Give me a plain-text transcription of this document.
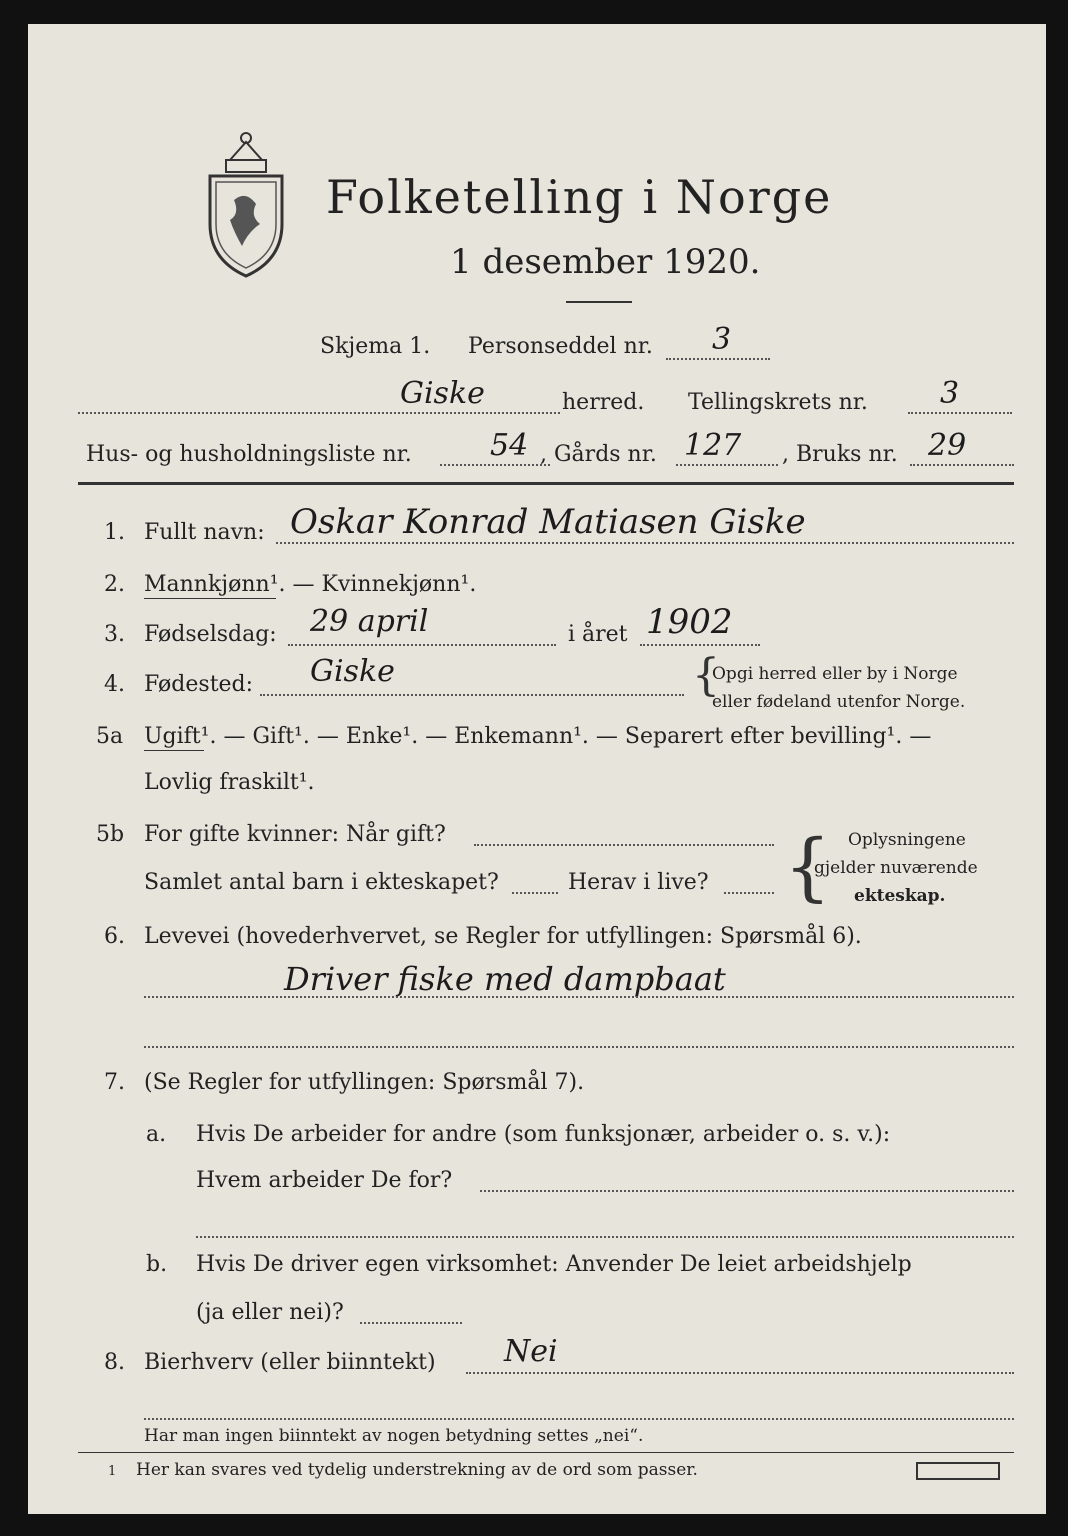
Folketelling i Norge
1 desember 1920.
Skjema 1. Personseddel nr. 3
Giske	herred. Tellingskrets nr. 3
Hus- og husholdningsliste nr.	54 , Gårds nr. 127 , Bruks nr. 29
1. Fullt navn: Oskar Konrad Matiasen Giske
2. Mannkjønn¹. — Kvinnekjønn¹.
3. Fødselsdag: 29 april	i året 1902
4. Fødested: Giske	{
Opgi herred eller by i Norge
eller fødeland utenfor Norge.
5a Ugift¹. — Gift¹. — Enke¹. — Enkemann¹. — Separert efter bevilling¹. —
Lovlig fraskilt¹.
5b For gifte kvinner: Når gift?
Samlet antal barn i ekteskapet?	Herav i live? { Oplysningene
gjelder nuværende
ekteskap.
6. Levevei (hovederhvervet, se Regler for utfyllingen: Spørsmål 6).
Driver fiske med dampbaat
7. (Se Regler for utfyllingen: Spørsmål 7).
a. Hvis De arbeider for andre (som funksjonær, arbeider o. s. v.):
Hvem arbeider De for?
b. Hvis De driver egen virksomhet: Anvender De leiet arbeidshjelp
(ja eller nei)?
8. Bierhverv (eller biinntekt) Nei
Har man ingen biinntekt av nogen betydning settes „nei“.
1 Her kan svares ved tydelig understrekning av de ord som passer.
